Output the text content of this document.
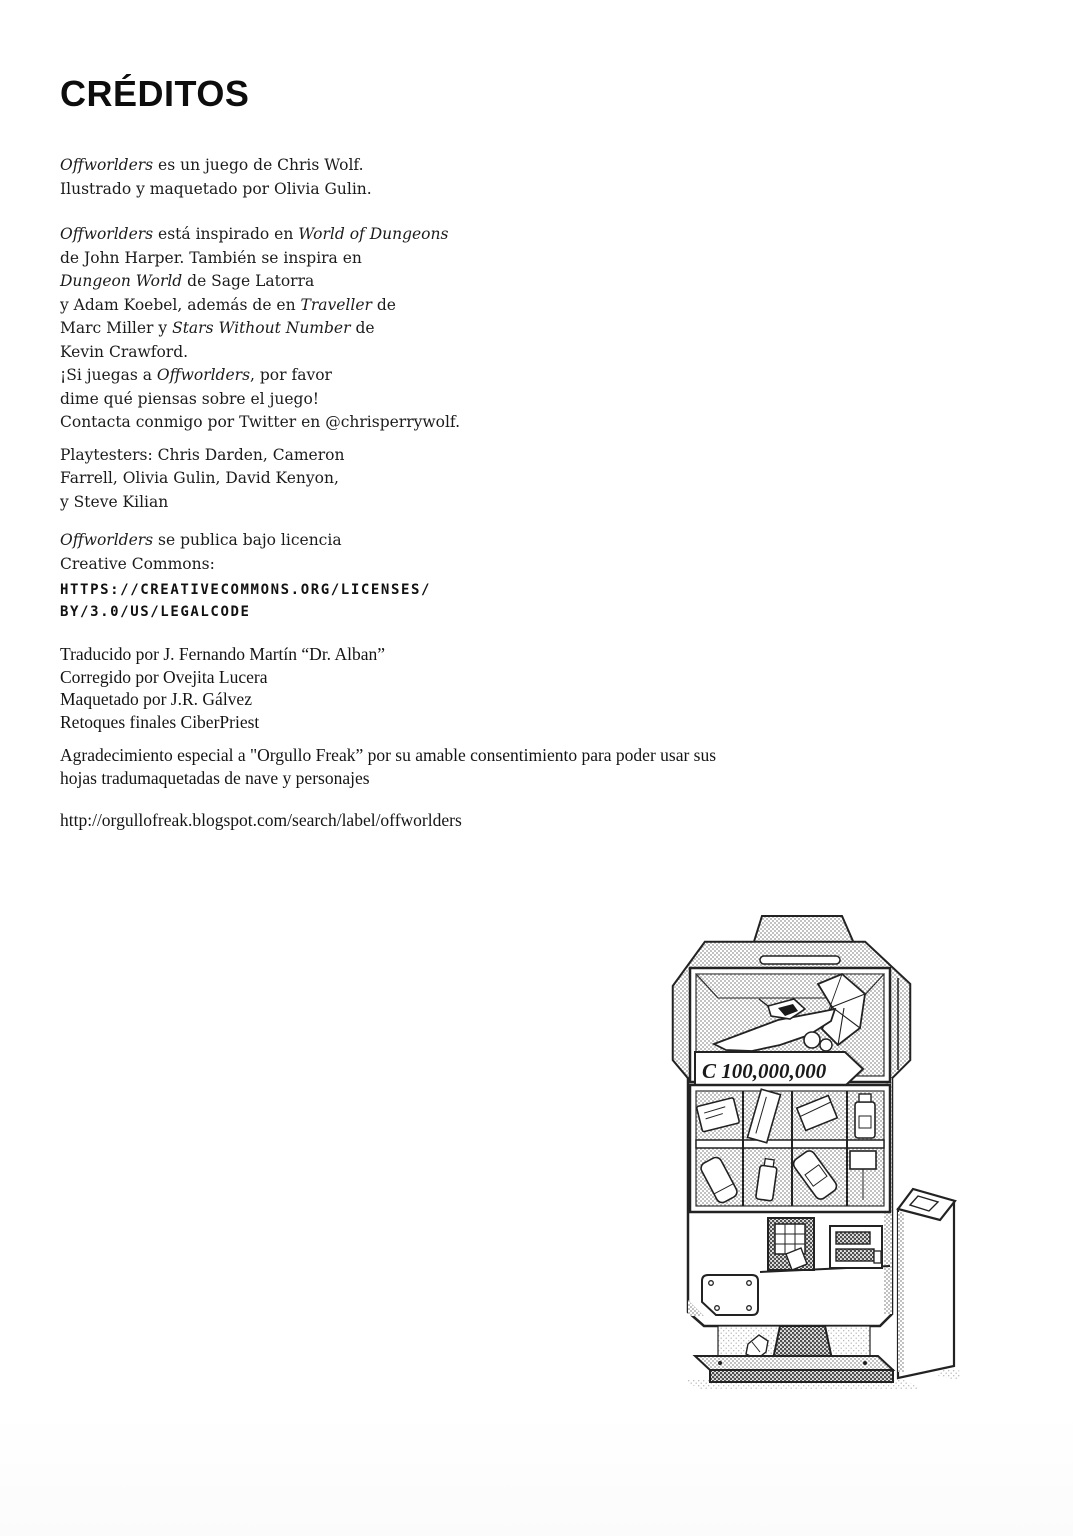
CRÉDITOS
Offworlders es un juego de Chris Wolf.
Ilustrado y maquetado por Olivia Gulin.
Offworlders está inspirado en World of Dungeons
de John Harper. También se inspira en
Dungeon World de Sage Latorra
y Adam Koebel, además de en Traveller de
Marc Miller y Stars Without Number de
Kevin Crawford.
¡Si juegas a Offworlders, por favor
dime qué piensas sobre el juego!
Contacta conmigo por Twitter en @chrisperrywolf.
Playtesters: Chris Darden, Cameron
Farrell, Olivia Gulin, David Kenyon,
y Steve Kilian
Offworlders se publica bajo licencia
Creative Commons:
HTTPS://CREATIVECOMMONS.ORG/LICENSES/
BY/3.0/US/LEGALCODE
Traducido por J. Fernando Martín “Dr. Alban”
Corregido por Ovejita Lucera
Maquetado por J.R. Gálvez
Retoques finales CiberPriest
Agradecimiento especial a "Orgullo Freak” por su amable consentimiento para poder usar sus
hojas tradumaquetadas de nave y personajes
http://orgullofreak.blogspot.com/search/label/offworlders
C 100,000,000
